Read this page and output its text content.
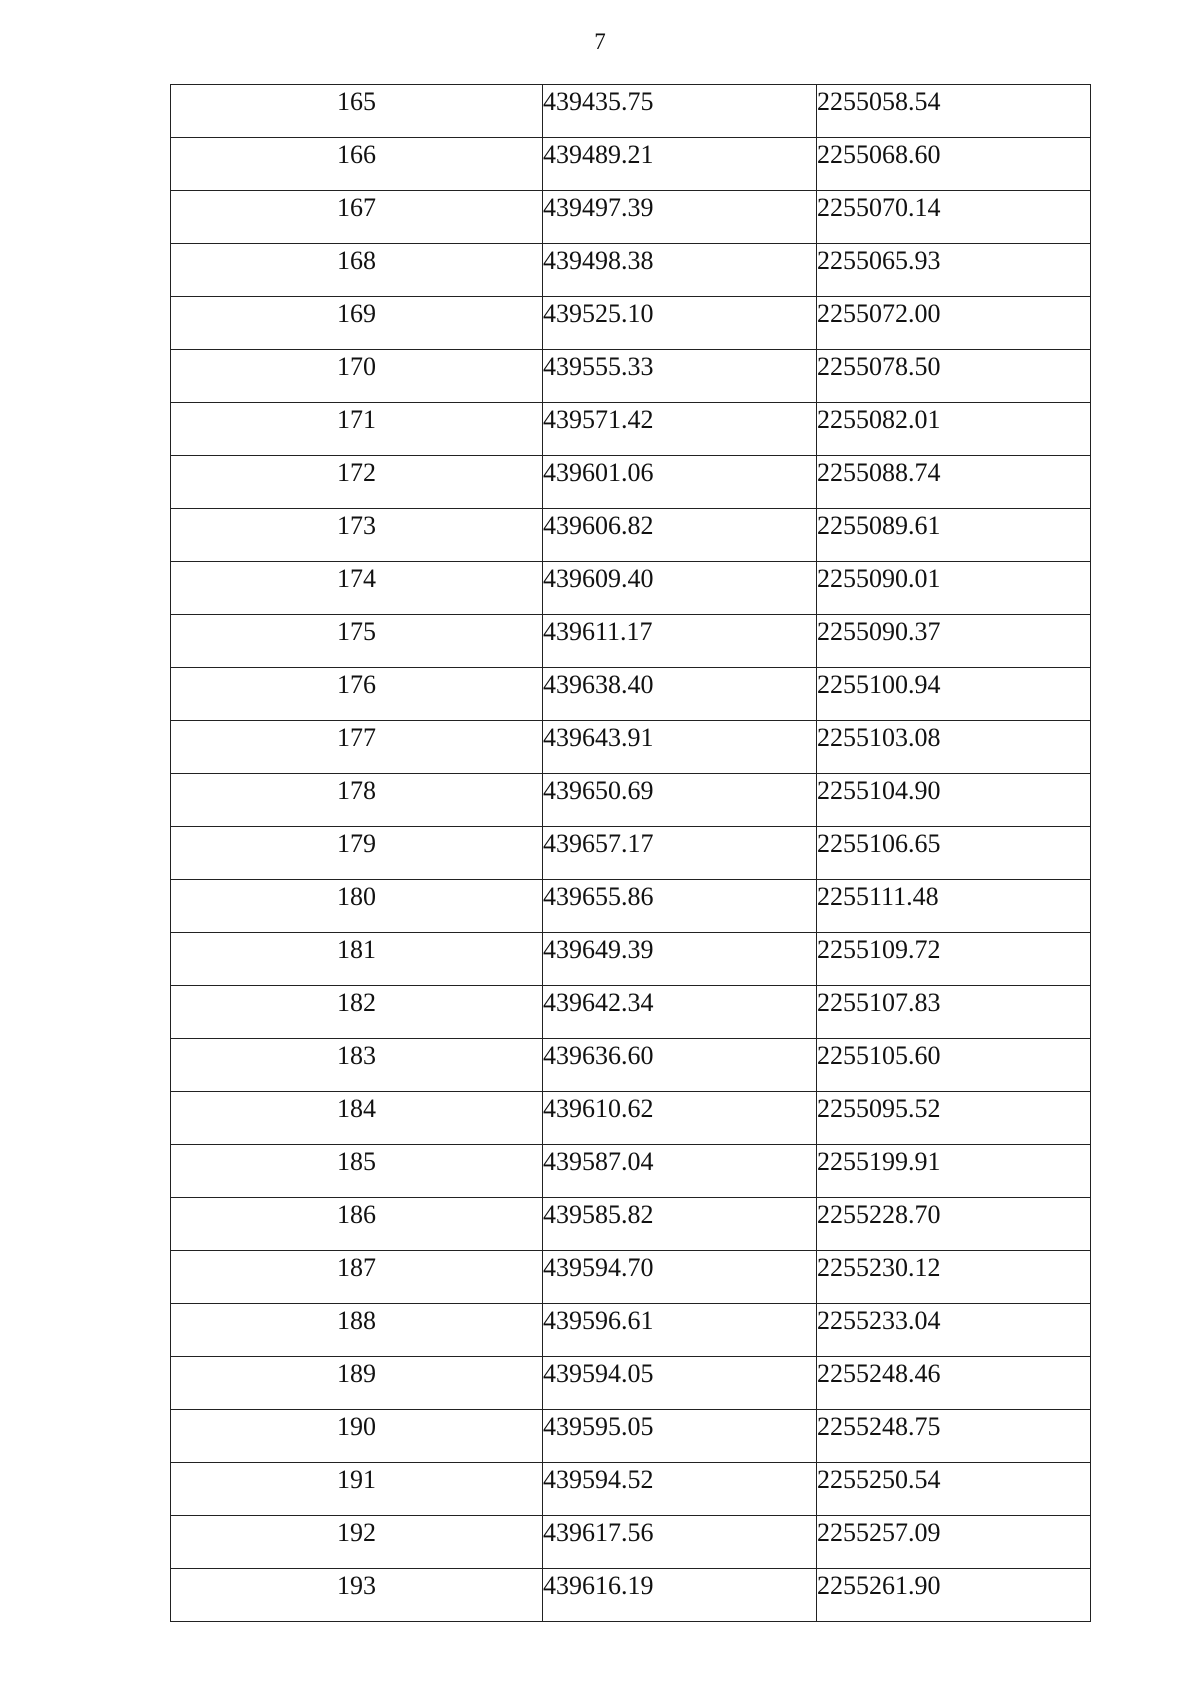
7
165	439435.75	2255058.54

166	439489.21	2255068.60

167	439497.39	2255070.14

168	439498.38	2255065.93

169	439525.10	2255072.00

170	439555.33	2255078.50

171	439571.42	2255082.01

172	439601.06	2255088.74

173	439606.82	2255089.61

174	439609.40	2255090.01

175	439611.17	2255090.37

176	439638.40	2255100.94

177	439643.91	2255103.08

178	439650.69	2255104.90

179	439657.17	2255106.65

180	439655.86	2255111.48

181	439649.39	2255109.72

182	439642.34	2255107.83

183	439636.60	2255105.60

184	439610.62	2255095.52

185	439587.04	2255199.91

186	439585.82	2255228.70

187	439594.70	2255230.12

188	439596.61	2255233.04

189	439594.05	2255248.46

190	439595.05	2255248.75

191	439594.52	2255250.54

192	439617.56	2255257.09

193	439616.19	2255261.90
